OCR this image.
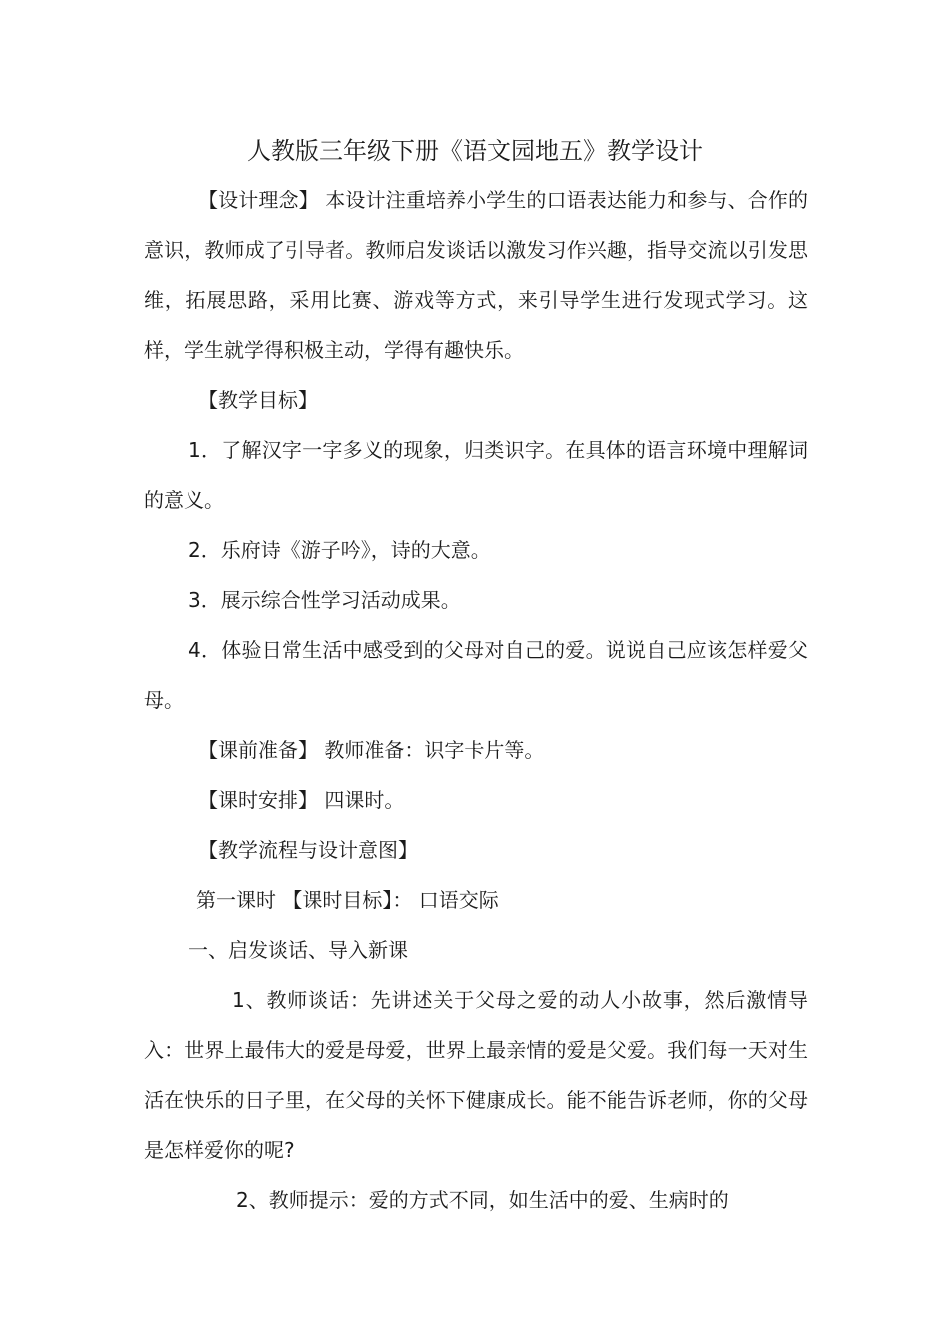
人教版三年级下册《语文园地五》教学设计

【设计理念】 本设计注重培养小学生的口语表达能力和参与、合作的意识，教师成了引导者。教师启发谈话以激发习作兴趣，指导交流以引发思维，拓展思路，采用比赛、游戏等方式，来引导学生进行发现式学习。这样，学生就学得积极主动，学得有趣快乐。

【教学目标】

1．了解汉字一字多义的现象，归类识字。在具体的语言环境中理解词的意义。

2．乐府诗《游子吟》，诗的大意。

3．展示综合性学习活动成果。

4．体验日常生活中感受到的父母对自己的爱。说说自己应该怎样爱父母。

【课前准备】 教师准备：识字卡片等。

【课时安排】 四课时。

【教学流程与设计意图】

第一课时 【课时目标】： 口语交际

一、启发谈话、导入新课

1、教师谈话：先讲述关于父母之爱的动人小故事，然后激情导入：世界上最伟大的爱是母爱，世界上最亲情的爱是父爱。我们每一天对生活在快乐的日子里，在父母的关怀下健康成长。能不能告诉老师，你的父母是怎样爱你的呢?

2、教师提示：爱的方式不同，如生活中的爱、生病时的
